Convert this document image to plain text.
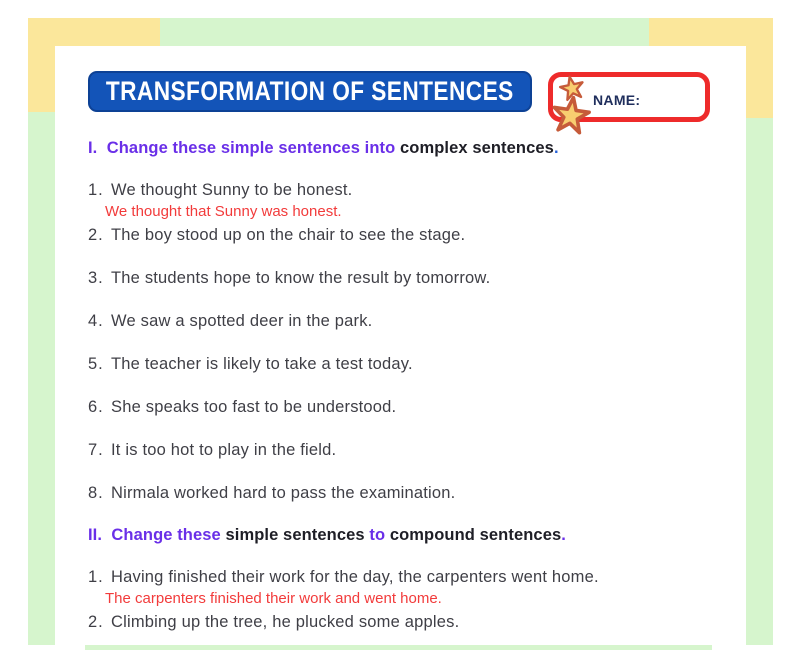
TRANSFORMATION OF SENTENCES	NAME:
I.  Change these simple sentences into complex sentences.
1. We thought Sunny to be honest.
We thought that Sunny was honest.
2. The boy stood up on the chair to see the stage.
3. The students hope to know the result by tomorrow.
4. We saw a spotted deer in the park.
5. The teacher is likely to take a test today.
6. She speaks too fast to be understood.
7. It is too hot to play in the field.
8. Nirmala worked hard to pass the examination.
II.  Change these simple sentences to compound sentences.
1. Having finished their work for the day, the carpenters went home.
The carpenters finished their work and went home.
2. Climbing up the tree, he plucked some apples.
